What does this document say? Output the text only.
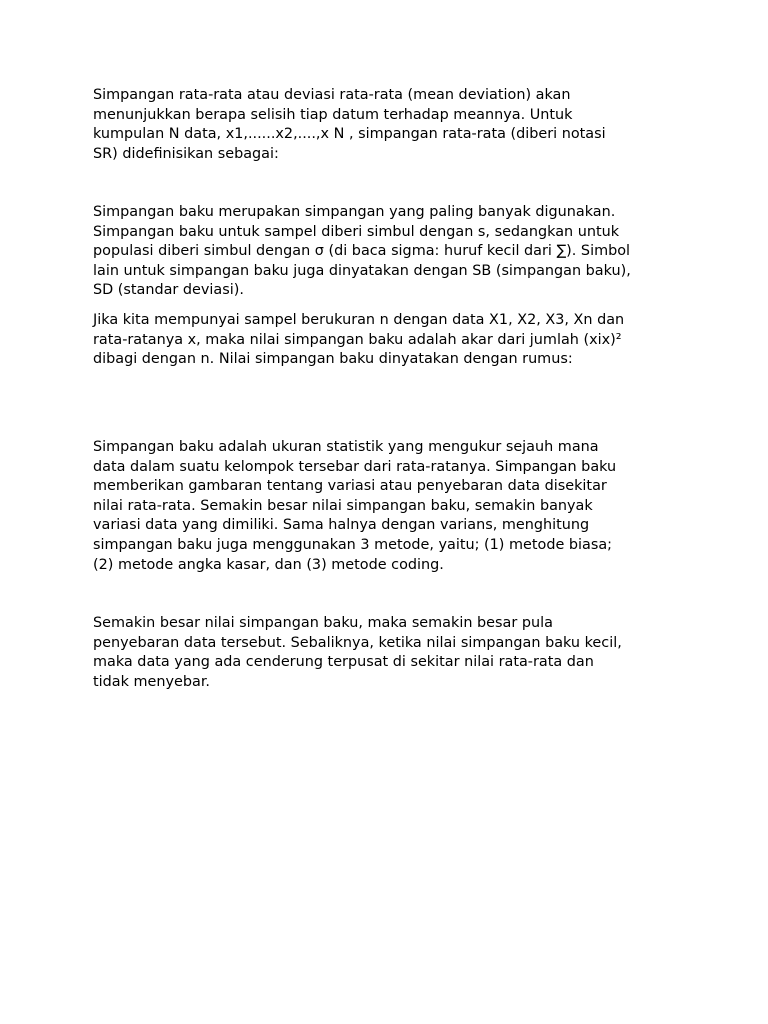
Simpangan rata-rata atau deviasi rata-rata (mean deviation) akan
menunjukkan berapa selisih tiap datum terhadap meannya. Untuk
kumpulan N data, x1,......x2,....,x N , simpangan rata-rata (diberi notasi
SR) didefinisikan sebagai:

Simpangan baku merupakan simpangan yang paling banyak digunakan.
Simpangan baku untuk sampel diberi simbul dengan s, sedangkan untuk
populasi diberi simbul dengan σ (di baca sigma: huruf kecil dari ∑). Simbol
lain untuk simpangan baku juga dinyatakan dengan SB (simpangan baku),
SD (standar deviasi).

Jika kita mempunyai sampel berukuran n dengan data X1, X2, X3, Xn dan
rata-ratanya x, maka nilai simpangan baku adalah akar dari jumlah (xix)²
dibagi dengan n. Nilai simpangan baku dinyatakan dengan rumus:

Simpangan baku adalah ukuran statistik yang mengukur sejauh mana
data dalam suatu kelompok tersebar dari rata-ratanya. Simpangan baku
memberikan gambaran tentang variasi atau penyebaran data disekitar
nilai rata-rata. Semakin besar nilai simpangan baku, semakin banyak
variasi data yang dimiliki. Sama halnya dengan varians, menghitung
simpangan baku juga menggunakan 3 metode, yaitu; (1) metode biasa;
(2) metode angka kasar, dan (3) metode coding.

Semakin besar nilai simpangan baku, maka semakin besar pula
penyebaran data tersebut. Sebaliknya, ketika nilai simpangan baku kecil,
maka data yang ada cenderung terpusat di sekitar nilai rata-rata dan
tidak menyebar.
